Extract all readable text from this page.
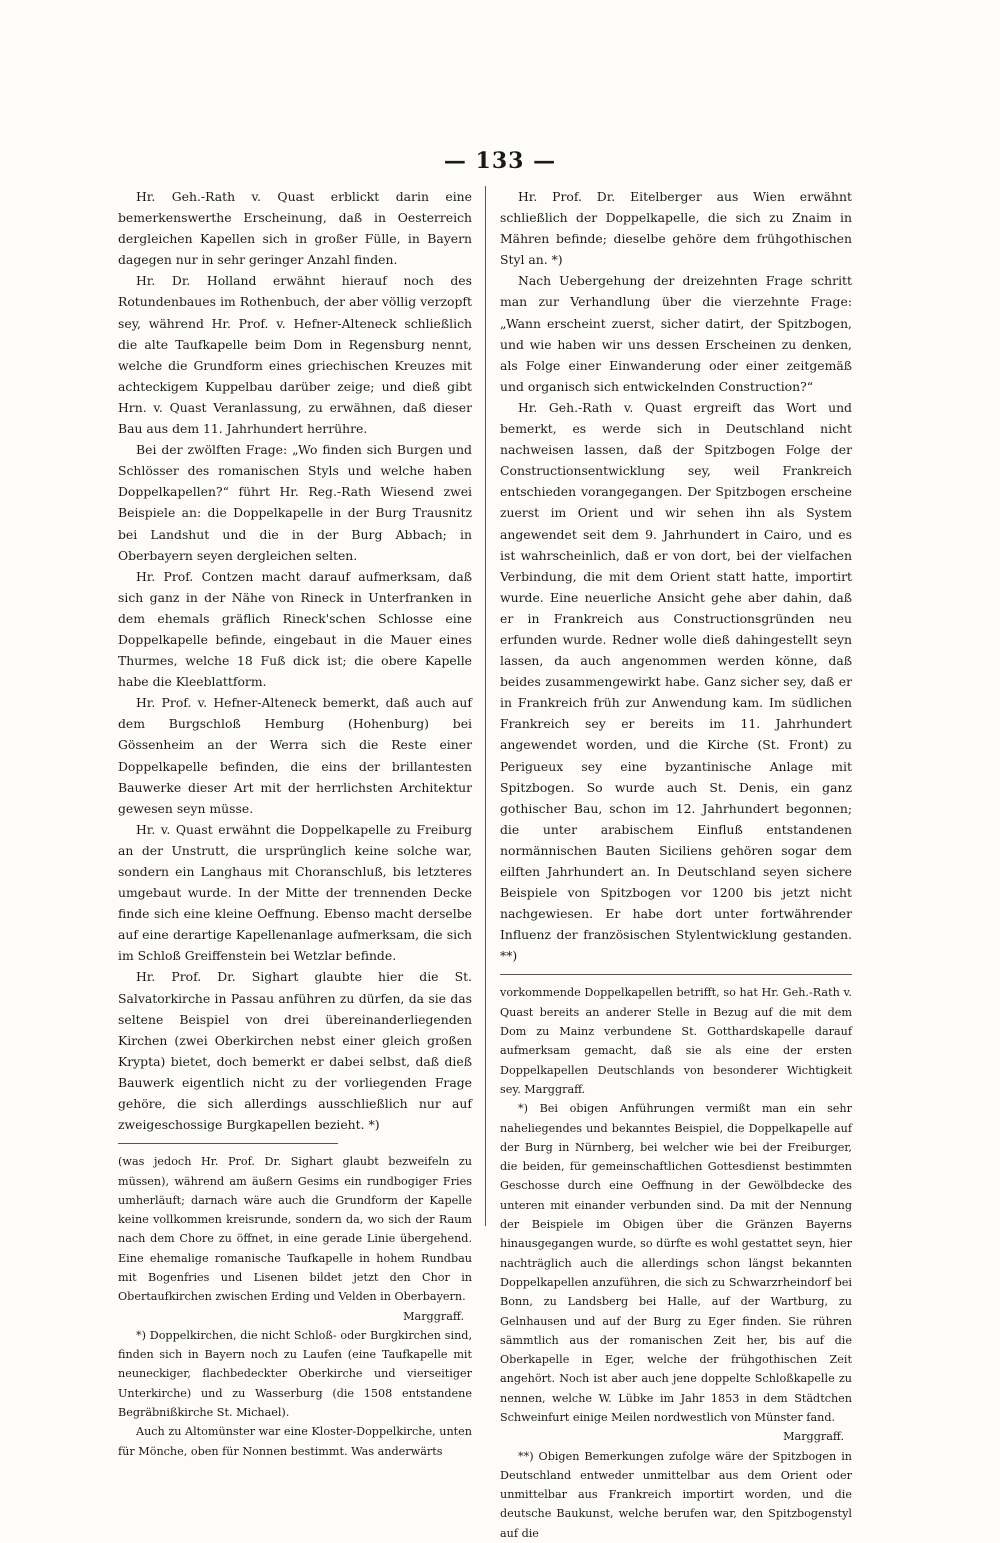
— 133 —

Hr. Geh.-Rath v. Quast erblickt darin eine bemerkenswerthe Erscheinung, daß in Oesterreich dergleichen Kapellen sich in großer Fülle, in Bayern dagegen nur in sehr geringer Anzahl finden.

Hr. Dr. Holland erwähnt hierauf noch des Rotundenbaues im Rothenbuch, der aber völlig verzopft sey, während Hr. Prof. v. Hefner-Alteneck schließlich die alte Taufkapelle beim Dom in Regensburg nennt, welche die Grundform eines griechischen Kreuzes mit achteckigem Kuppelbau darüber zeige; und dieß gibt Hrn. v. Quast Veranlassung, zu erwähnen, daß dieser Bau aus dem 11. Jahrhundert herrühre.

Bei der zwölften Frage: „Wo finden sich Burgen und Schlösser des romanischen Styls und welche haben Doppelkapellen?“ führt Hr. Reg.-Rath Wiesend zwei Beispiele an: die Doppelkapelle in der Burg Trausnitz bei Landshut und die in der Burg Abbach; in Oberbayern seyen dergleichen selten.

Hr. Prof. Contzen macht darauf aufmerksam, daß sich ganz in der Nähe von Rineck in Unterfranken in dem ehemals gräflich Rineck'schen Schlosse eine Doppelkapelle befinde, eingebaut in die Mauer eines Thurmes, welche 18 Fuß dick ist; die obere Kapelle habe die Kleeblattform.

Hr. Prof. v. Hefner-Alteneck bemerkt, daß auch auf dem Burgschloß Hemburg (Hohenburg) bei Gössenheim an der Werra sich die Reste einer Doppelkapelle befinden, die eins der brillantesten Bauwerke dieser Art mit der herrlichsten Architektur gewesen seyn müsse.

Hr. v. Quast erwähnt die Doppelkapelle zu Freiburg an der Unstrutt, die ursprünglich keine solche war, sondern ein Langhaus mit Choranschluß, bis letzteres umgebaut wurde. In der Mitte der trennenden Decke finde sich eine kleine Oeffnung. Ebenso macht derselbe auf eine derartige Kapellenanlage aufmerksam, die sich im Schloß Greiffenstein bei Wetzlar befinde.

Hr. Prof. Dr. Sighart glaubte hier die St. Salvatorkirche in Passau anführen zu dürfen, da sie das seltene Beispiel von drei übereinanderliegenden Kirchen (zwei Oberkirchen nebst einer gleich großen Krypta) bietet, doch bemerkt er dabei selbst, daß dieß Bauwerk eigentlich nicht zu der vorliegenden Frage gehöre, die sich allerdings ausschließlich nur auf zweigeschossige Burgkapellen bezieht. *)

(was jedoch Hr. Prof. Dr. Sighart glaubt bezweifeln zu müssen), während am äußern Gesims ein rundbogiger Fries umherläuft; darnach wäre auch die Grundform der Kapelle keine vollkommen kreisrunde, sondern da, wo sich der Raum nach dem Chore zu öffnet, in eine gerade Linie übergehend. Eine ehemalige romanische Taufkapelle in hohem Rundbau mit Bogenfries und Lisenen bildet jetzt den Chor in Obertaufkirchen zwischen Erding und Velden in Oberbayern.

Marggraff.

*) Doppelkirchen, die nicht Schloß- oder Burgkirchen sind, finden sich in Bayern noch zu Laufen (eine Taufkapelle mit neuneckiger, flachbedeckter Oberkirche und vierseitiger Unterkirche) und zu Wasserburg (die 1508 entstandene Begräbnißkirche St. Michael).

Auch zu Altomünster war eine Kloster-Doppelkirche, unten für Mönche, oben für Nonnen bestimmt. Was anderwärts

Hr. Prof. Dr. Eitelberger aus Wien erwähnt schließlich der Doppelkapelle, die sich zu Znaim in Mähren befinde; dieselbe gehöre dem frühgothischen Styl an. *)

Nach Uebergehung der dreizehnten Frage schritt man zur Verhandlung über die vierzehnte Frage: „Wann erscheint zuerst, sicher datirt, der Spitzbogen, und wie haben wir uns dessen Erscheinen zu denken, als Folge einer Einwanderung oder einer zeitgemäß und organisch sich entwickelnden Construction?“

Hr. Geh.-Rath v. Quast ergreift das Wort und bemerkt, es werde sich in Deutschland nicht nachweisen lassen, daß der Spitzbogen Folge der Constructionsentwicklung sey, weil Frankreich entschieden vorangegangen. Der Spitzbogen erscheine zuerst im Orient und wir sehen ihn als System angewendet seit dem 9. Jahrhundert in Cairo, und es ist wahrscheinlich, daß er von dort, bei der vielfachen Verbindung, die mit dem Orient statt hatte, importirt wurde. Eine neuerliche Ansicht gehe aber dahin, daß er in Frankreich aus Constructionsgründen neu erfunden wurde. Redner wolle dieß dahingestellt seyn lassen, da auch angenommen werden könne, daß beides zusammengewirkt habe. Ganz sicher sey, daß er in Frankreich früh zur Anwendung kam. Im südlichen Frankreich sey er bereits im 11. Jahrhundert angewendet worden, und die Kirche (St. Front) zu Perigueux sey eine byzantinische Anlage mit Spitzbogen. So wurde auch St. Denis, ein ganz gothischer Bau, schon im 12. Jahrhundert begonnen; die unter arabischem Einfluß entstandenen normännischen Bauten Siciliens gehören sogar dem eilften Jahrhundert an. In Deutschland seyen sichere Beispiele von Spitzbogen vor 1200 bis jetzt nicht nachgewiesen. Er habe dort unter fortwährender Influenz der französischen Stylentwicklung gestanden. **)

vorkommende Doppelkapellen betrifft, so hat Hr. Geh.-Rath v. Quast bereits an anderer Stelle in Bezug auf die mit dem Dom zu Mainz verbundene St. Gotthardskapelle darauf aufmerksam gemacht, daß sie als eine der ersten Doppelkapellen Deutschlands von besonderer Wichtigkeit sey. Marggraff.

*) Bei obigen Anführungen vermißt man ein sehr naheliegendes und bekanntes Beispiel, die Doppelkapelle auf der Burg in Nürnberg, bei welcher wie bei der Freiburger, die beiden, für gemeinschaftlichen Gottesdienst bestimmten Geschosse durch eine Oeffnung in der Gewölbdecke des unteren mit einander verbunden sind. Da mit der Nennung der Beispiele im Obigen über die Gränzen Bayerns hinausgegangen wurde, so dürfte es wohl gestattet seyn, hier nachträglich auch die allerdings schon längst bekannten Doppelkapellen anzuführen, die sich zu Schwarzrheindorf bei Bonn, zu Landsberg bei Halle, auf der Wartburg, zu Gelnhausen und auf der Burg zu Eger finden. Sie rühren sämmtlich aus der romanischen Zeit her, bis auf die Oberkapelle in Eger, welche der frühgothischen Zeit angehört. Noch ist aber auch jene doppelte Schloßkapelle zu nennen, welche W. Lübke im Jahr 1853 in dem Städtchen Schweinfurt einige Meilen nordwestlich von Münster fand.

Marggraff.

**) Obigen Bemerkungen zufolge wäre der Spitzbogen in Deutschland entweder unmittelbar aus dem Orient oder unmittelbar aus Frankreich importirt worden, und die deutsche Baukunst, welche berufen war, den Spitzbogenstyl auf die
